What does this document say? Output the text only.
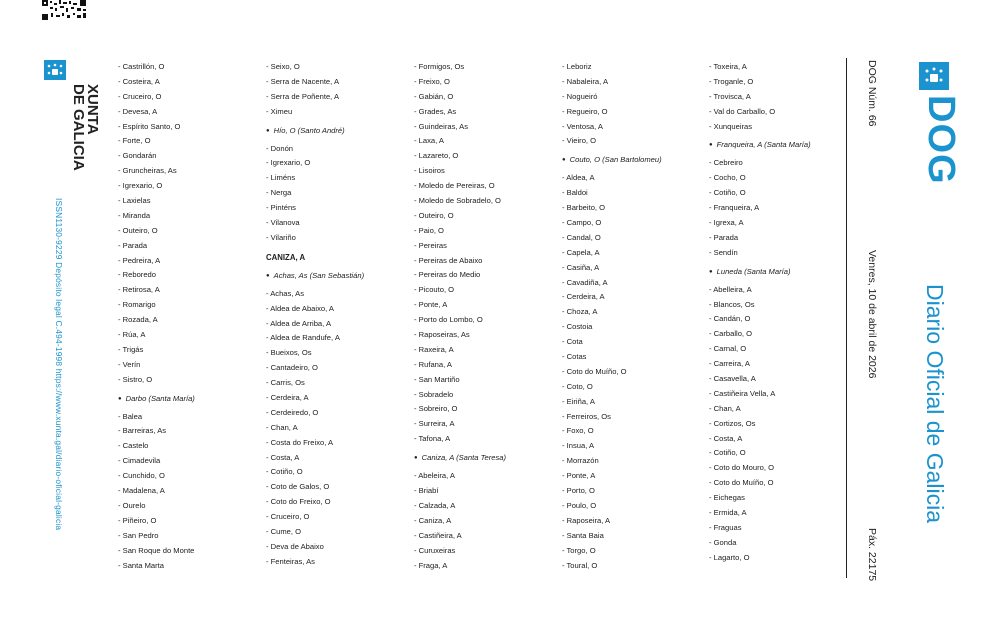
XUNTA
DE GALICIA
ISSN1130-9229 Depósito legal C.494-1998 https://www.xunta.gal/diario-oficial-galicia
- Castrillón, O
- Costeira, A
- Cruceiro, O
- Devesa, A
- Espírito Santo, O
- Forte, O
- Gondarán
- Gruncheiras, As
- Igrexario, O
- Laxielas
- Miranda
- Outeiro, O
- Parada
- Pedreira, A
- Reboredo
- Retirosa, A
- Romarigo
- Rozada, A
- Rúa, A
- Trigás
- Verín
- Sistro, O
● Darbo (Santa María)
- Balea
- Barreiras, As
- Castelo
- Cimadevila
- Cunchido, O
- Madalena, A
- Ourelo
- Piñeiro, O
- San Pedro
- San Roque do Monte
- Santa Marta
- Seixo, O
- Serra de Nacente, A
- Serra de Poñente, A
- Ximeu
● Hío, O (Santo André)
- Donón
- Igrexario, O
- Liméns
- Nerga
- Pinténs
- Vilanova
- Vilariño
CANIZA, A
● Achas, As (San Sebastián)
- Achas, As
- Aldea de Abaixo, A
- Aldea de Arriba, A
- Aldea de Randufe, A
- Bueixos, Os
- Cantadeiro, O
- Carris, Os
- Cerdeira, A
- Cerdeiredo, O
- Chan, A
- Costa do Freixo, A
- Costa, A
- Cotiño, O
- Coto de Galos, O
- Coto do Freixo, O
- Cruceiro, O
- Cume, O
- Deva de Abaixo
- Fenteiras, As
- Formigos, Os
- Freixo, O
- Gabián, O
- Grades, As
- Guindeiras, As
- Laxa, A
- Lazareto, O
- Lisoiros
- Moledo de Pereiras, O
- Moledo de Sobradelo, O
- Outeiro, O
- Paio, O
- Pereiras
- Pereiras de Abaixo
- Pereiras do Medio
- Picouto, O
- Ponte, A
- Porto do Lombo, O
- Raposeiras, As
- Raxeira, A
- Rufana, A
- San Martiño
- Sobradelo
- Sobreiro, O
- Surreira, A
- Tafona, A
● Caniza, A (Santa Teresa)
- Abeleira, A
- Briabí
- Calzada, A
- Caniza, A
- Castiñeira, A
- Curuxeiras
- Fraga, A
- Leboriz
- Nabaleira, A
- Nogueiró
- Regueiro, O
- Ventosa, A
- Vieiro, O
● Couto, O (San Bartolomeu)
- Aldea, A
- Baldoi
- Barbeito, O
- Campo, O
- Candal, O
- Capela, A
- Casiña, A
- Cavadiña, A
- Cerdeira, A
- Choza, A
- Costoia
- Cota
- Cotas
- Coto do Muíño, O
- Coto, O
- Eiriña, A
- Ferreiros, Os
- Foxo, O
- Insua, A
- Morrazón
- Ponte, A
- Porto, O
- Poulo, O
- Raposeira, A
- Santa Baia
- Torgo, O
- Toural, O
- Toxeira, A
- Troganle, O
- Trovisca, A
- Val do Carballo, O
- Xunqueiras
● Franqueira, A (Santa María)
- Cebreiro
- Cocho, O
- Cotiño, O
- Franqueira, A
- Igrexa, A
- Parada
- Sendín
● Luneda (Santa María)
- Abelleira, A
- Blancos, Os
- Candán, O
- Carballo, O
- Carnal, O
- Carreira, A
- Casavella, A
- Castiñeira Vella, A
- Chan, A
- Cortizos, Os
- Costa, A
- Cotiño, O
- Coto do Mouro, O
- Coto do Muíño, O
- Eichegas
- Ermida, A
- Fraguas
- Gonda
- Lagarto, O
DOG Núm. 66
Venres, 10 de abril de 2026
Páx. 22175
DOG
Diario Oficial de Galicia
